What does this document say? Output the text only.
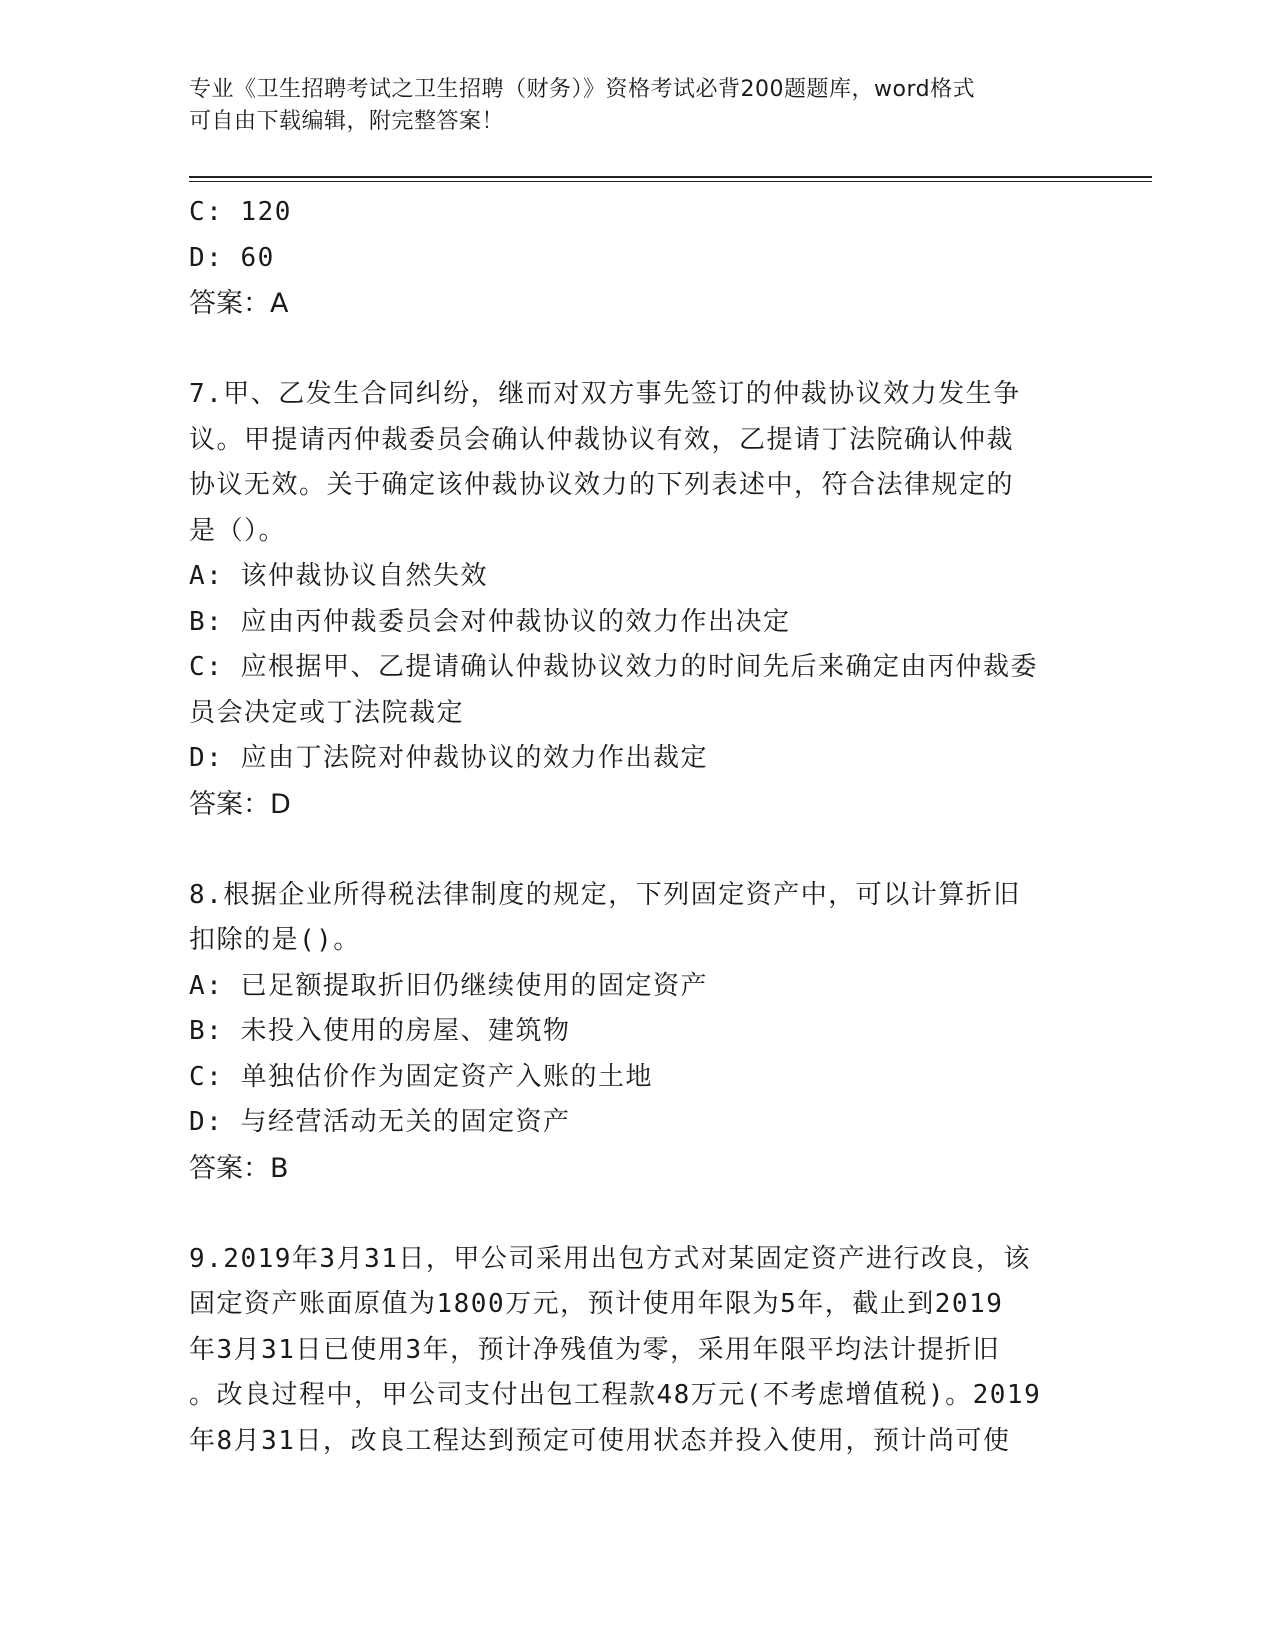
专业《卫生招聘考试之卫生招聘（财务）》资格考试必背200题题库，word格式
可自由下载编辑，附完整答案！
C: 120
D: 60
答案：A
7.甲、乙发生合同纠纷，继而对双方事先签订的仲裁协议效力发生争
议。甲提请丙仲裁委员会确认仲裁协议有效，乙提请丁法院确认仲裁
协议无效。关于确定该仲裁协议效力的下列表述中，符合法律规定的
是（）。
A: 该仲裁协议自然失效
B: 应由丙仲裁委员会对仲裁协议的效力作出决定
C: 应根据甲、乙提请确认仲裁协议效力的时间先后来确定由丙仲裁委
员会决定或丁法院裁定
D: 应由丁法院对仲裁协议的效力作出裁定
答案：D
8.根据企业所得税法律制度的规定，下列固定资产中，可以计算折旧
扣除的是()。
A: 已足额提取折旧仍继续使用的固定资产
B: 未投入使用的房屋、建筑物
C: 单独估价作为固定资产入账的土地
D: 与经营活动无关的固定资产
答案：B
9.2019年3月31日，甲公司采用出包方式对某固定资产进行改良，该
固定资产账面原值为1800万元，预计使用年限为5年，截止到2019
年3月31日已使用3年，预计净残值为零，采用年限平均法计提折旧
。改良过程中，甲公司支付出包工程款48万元(不考虑增值税)。2019
年8月31日，改良工程达到预定可使用状态并投入使用，预计尚可使
